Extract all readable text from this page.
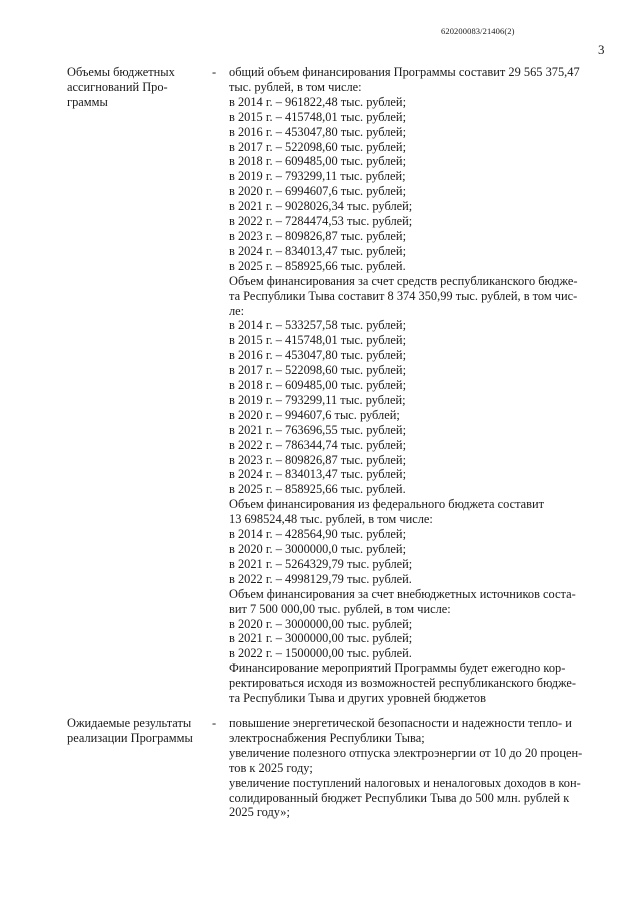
620200083/21406(2)
3
Объемы бюджетных
ассигнований Про-
граммы
- общий объем финансирования Программы составит 29 565 375,47
тыс. рублей, в том числе:
в 2014 г. – 961822,48 тыс. рублей;
в 2015 г. – 415748,01 тыс. рублей;
в 2016 г. – 453047,80 тыс. рублей;
в 2017 г. – 522098,60 тыс. рублей;
в 2018 г. – 609485,00 тыс. рублей;
в 2019 г. – 793299,11 тыс. рублей;
в 2020 г. – 6994607,6 тыс. рублей;
в 2021 г. – 9028026,34 тыс. рублей;
в 2022 г. – 7284474,53 тыс. рублей;
в 2023 г. – 809826,87 тыс. рублей;
в 2024 г. – 834013,47 тыс. рублей;
в 2025 г. – 858925,66 тыс. рублей.
Объем финансирования за счет средств республиканского бюдже-
та Республики Тыва составит 8 374 350,99 тыс. рублей, в том чис-
ле:
в 2014 г. – 533257,58 тыс. рублей;
в 2015 г. – 415748,01 тыс. рублей;
в 2016 г. – 453047,80 тыс. рублей;
в 2017 г. – 522098,60 тыс. рублей;
в 2018 г. – 609485,00 тыс. рублей;
в 2019 г. – 793299,11 тыс. рублей;
в 2020 г. – 994607,6 тыс. рублей;
в 2021 г. – 763696,55 тыс. рублей;
в 2022 г. – 786344,74 тыс. рублей;
в 2023 г. – 809826,87 тыс. рублей;
в 2024 г. – 834013,47 тыс. рублей;
в 2025 г. – 858925,66 тыс. рублей.
Объем финансирования из федерального бюджета составит
13 698524,48 тыс. рублей, в том числе:
в 2014 г. – 428564,90 тыс. рублей;
в 2020 г. – 3000000,0 тыс. рублей;
в 2021 г. – 5264329,79 тыс. рублей;
в 2022 г. – 4998129,79 тыс. рублей.
Объем финансирования за счет внебюджетных источников соста-
вит 7 500 000,00 тыс. рублей, в том числе:
в 2020 г. – 3000000,00 тыс. рублей;
в 2021 г. – 3000000,00 тыс. рублей;
в 2022 г. – 1500000,00 тыс. рублей.
Финансирование мероприятий Программы будет ежегодно кор-
ректироваться исходя из возможностей республиканского бюдже-
та Республики Тыва и других уровней бюджетов
Ожидаемые результаты
реализации Программы
- повышение энергетической безопасности и надежности тепло- и
электроснабжения Республики Тыва;
увеличение полезного отпуска электроэнергии от 10 до 20 процен-
тов к 2025 году;
увеличение поступлений налоговых и неналоговых доходов в кон-
солидированный бюджет Республики Тыва до 500 млн. рублей к
2025 году»;
